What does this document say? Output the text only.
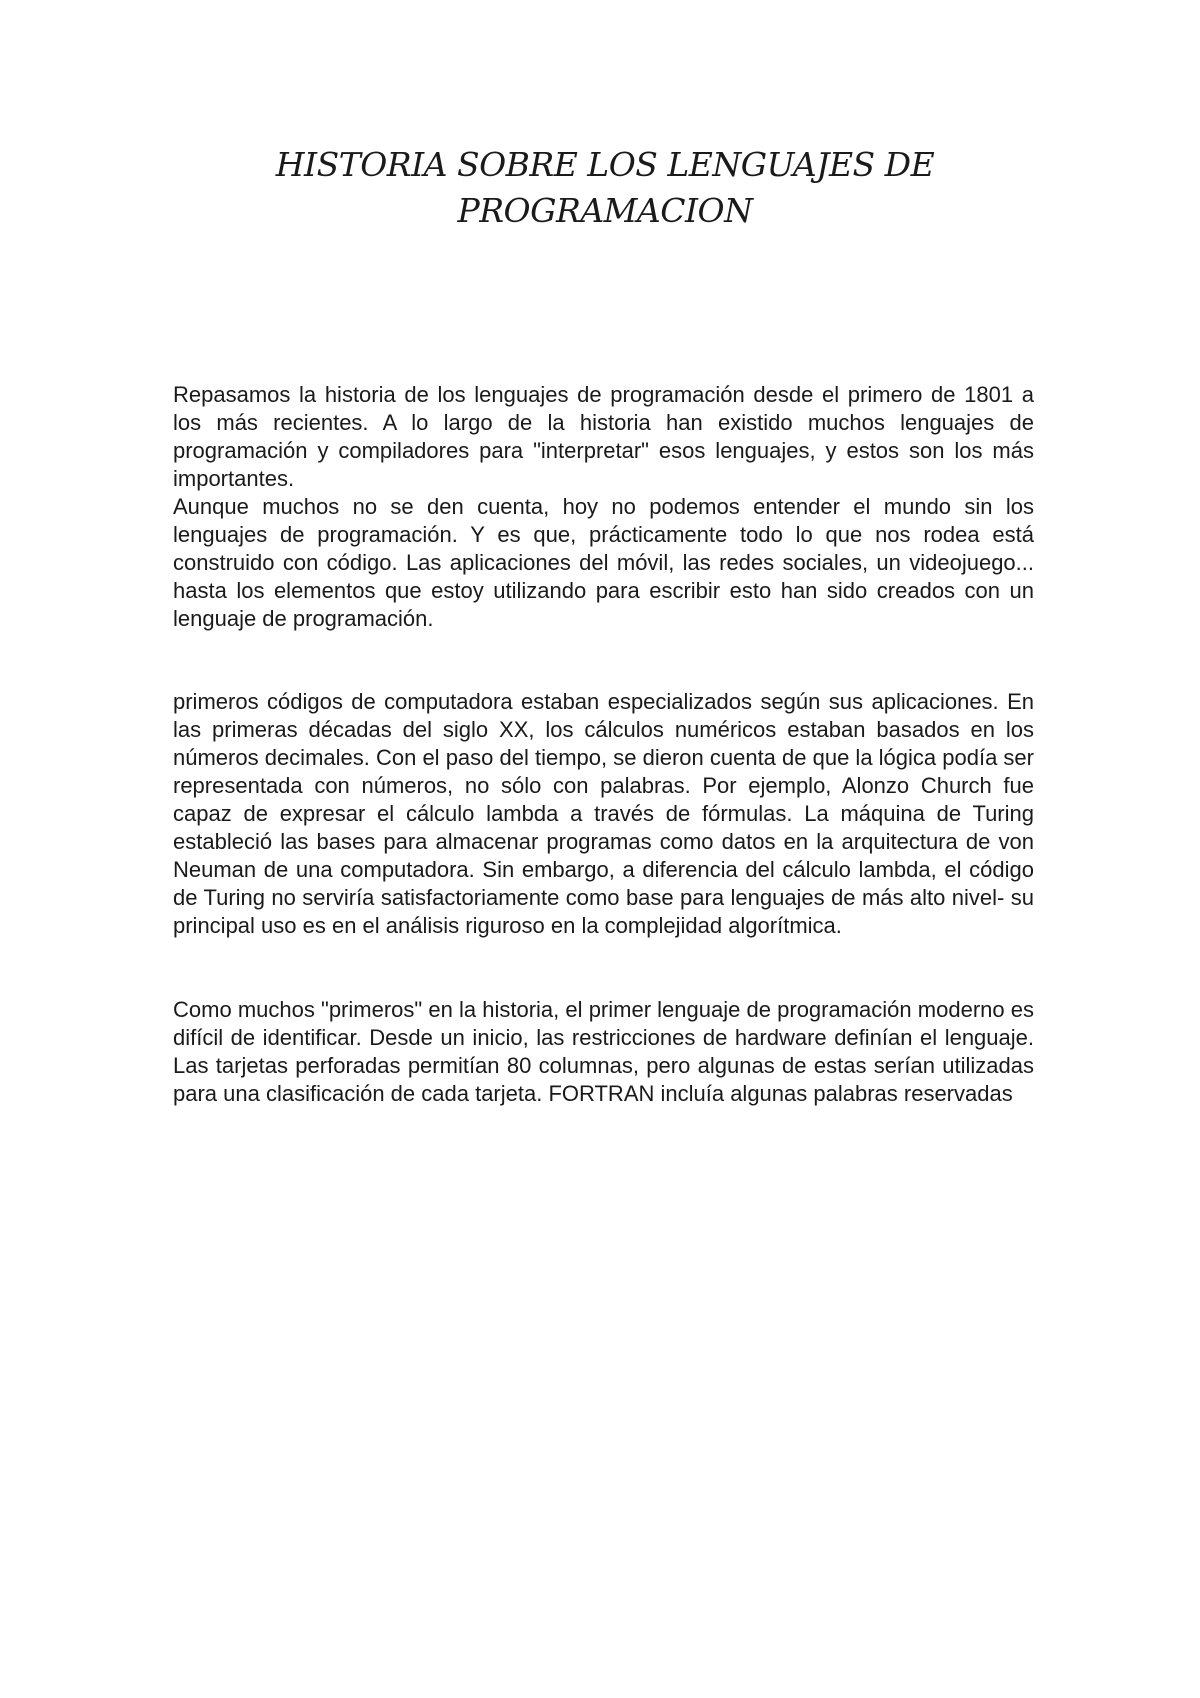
HISTORIA SOBRE LOS LENGUAJES DE
PROGRAMACION

Repasamos la historia de los lenguajes de programación desde el primero de 1801 a los más recientes. A lo largo de la historia han existido muchos lenguajes de programación y compiladores para "interpretar" esos lenguajes, y estos son los más importantes.

Aunque muchos no se den cuenta, hoy no podemos entender el mundo sin los lenguajes de programación. Y es que, prácticamente todo lo que nos rodea está construido con código. Las aplicaciones del móvil, las redes sociales, un videojuego... hasta los elementos que estoy utilizando para escribir esto han sido creados con un lenguaje de programación.

primeros códigos de computadora estaban especializados según sus aplicaciones. En las primeras décadas del siglo XX, los cálculos numéricos estaban basados en los números decimales. Con el paso del tiempo, se dieron cuenta de que la lógica podía ser representada con números, no sólo con palabras. Por ejemplo, Alonzo Church fue capaz de expresar el cálculo lambda a través de fórmulas. La máquina de Turing estableció las bases para almacenar programas como datos en la arquitectura de von Neuman de una computadora. Sin embargo, a diferencia del cálculo lambda, el código de Turing no serviría satisfactoriamente como base para lenguajes de más alto nivel- su principal uso es en el análisis riguroso en la complejidad algorítmica.

Como muchos "primeros" en la historia, el primer lenguaje de programación moderno es difícil de identificar. Desde un inicio, las restricciones de hardware definían el lenguaje. Las tarjetas perforadas permitían 80 columnas, pero algunas de estas serían utilizadas para una clasificación de cada tarjeta. FORTRAN incluía algunas palabras reservadas
